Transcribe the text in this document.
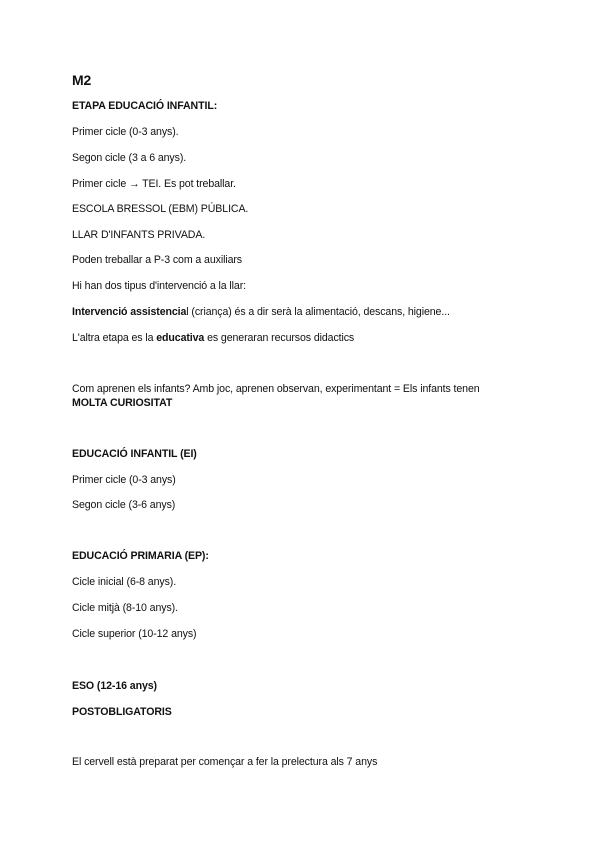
M2
ETAPA EDUCACIÓ INFANTIL:
Primer cicle (0-3 anys).
Segon cicle (3 a 6 anys).
Primer cicle → TEI. Es pot treballar.
ESCOLA BRESSOL (EBM) PÚBLICA.
LLAR D'INFANTS PRIVADA.
Poden treballar a P-3 com a auxiliars
Hi han dos tipus d'intervenció a la llar:
Intervenció assistencial (criança) és a dir serà la alimentació, descans, higiene...
L'altra etapa es la educativa es generaran recursos didactics
Com aprenen els infants? Amb joc, aprenen observan, experimentant = Els infants tenen
MOLTA CURIOSITAT
EDUCACIÓ INFANTIL (EI)
Primer cicle (0-3 anys)
Segon cicle (3-6 anys)
EDUCACIÓ PRIMARIA (EP):
Cicle inicial (6-8 anys).
Cicle mitjà (8-10 anys).
Cicle superior (10-12 anys)
ESO (12-16 anys)
POSTOBLIGATORIS
El cervell està preparat per començar a fer la prelectura als 7 anys
